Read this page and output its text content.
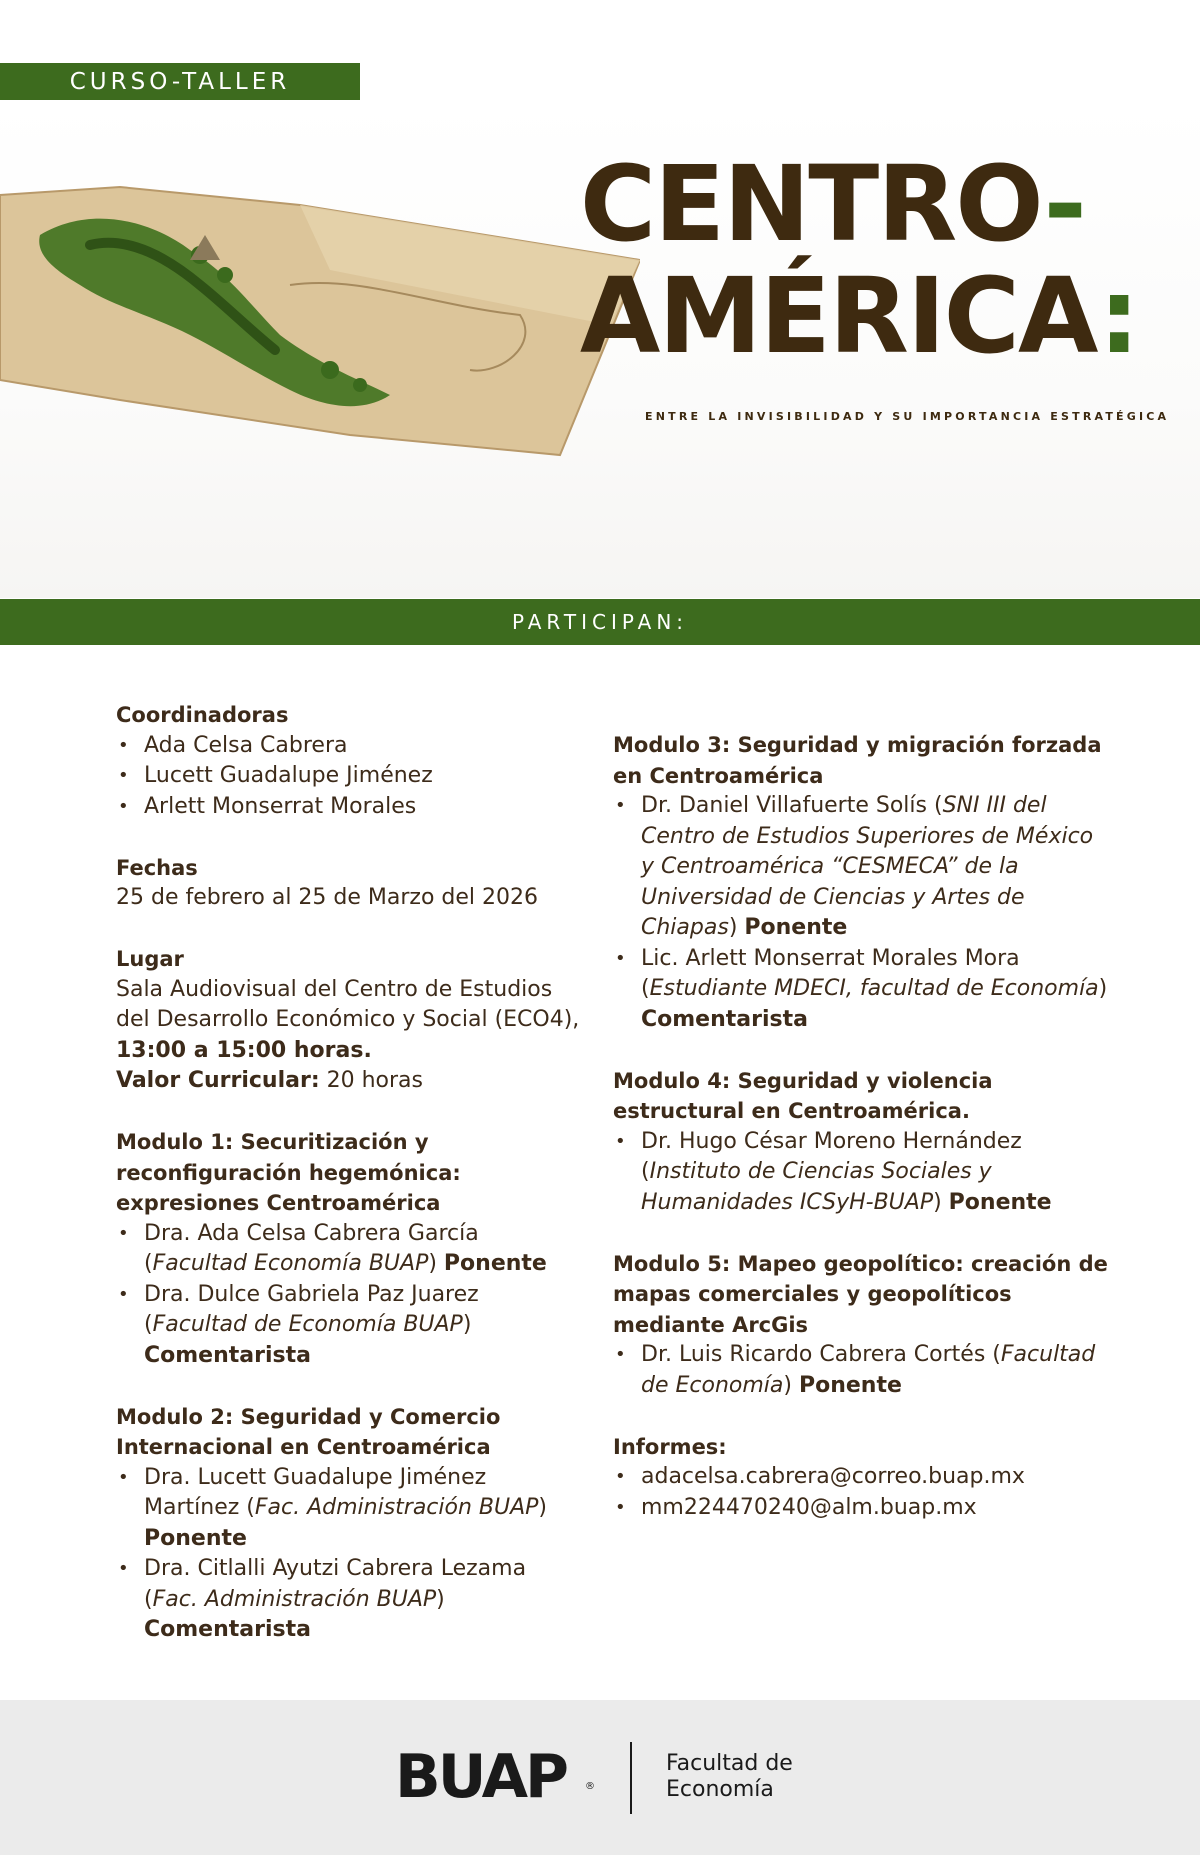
CURSO-TALLER
CENTRO-
AMÉRICA:
ENTRE LA INVISIBILIDAD Y SU IMPORTANCIA ESTRATÉGICA
PARTICIPAN:
Coordinadoras
• Ada Celsa Cabrera
• Lucett Guadalupe Jiménez
• Arlett Monserrat Morales
Fechas

25 de febrero al 25 de Marzo del 2026

Lugar

Sala Audiovisual del Centro de Estudios del Desarrollo Económico y Social (ECO4), 13:00 a 15:00 horas.

Valor Curricular: 20 horas

Modulo 1: Securitización y reconfiguración hegemónica: expresiones Centroamérica
• Dra. Ada Celsa Cabrera García (Facultad Economía BUAP) Ponente
• Dra. Dulce Gabriela Paz Juarez (Facultad de Economía BUAP) Comentarista
Modulo 2: Seguridad y Comercio Internacional en Centroamérica
• Dra. Lucett Guadalupe Jiménez Martínez (Fac. Administración BUAP) Ponente
• Dra. Citlalli Ayutzi Cabrera Lezama (Fac. Administración BUAP) Comentarista
Modulo 3: Seguridad y migración forzada en Centroamérica
• Dr. Daniel Villafuerte Solís (SNI III del Centro de Estudios Superiores de México y Centroamérica “CESMECA” de la Universidad de Ciencias y Artes de Chiapas) Ponente
• Lic. Arlett Monserrat Morales Mora (Estudiante MDECI, facultad de Economía) Comentarista
Modulo 4: Seguridad y violencia estructural en Centroamérica.
• Dr. Hugo César Moreno Hernández (Instituto de Ciencias Sociales y Humanidades ICSyH-BUAP) Ponente
Modulo 5: Mapeo geopolítico: creación de mapas comerciales y geopolíticos mediante ArcGis
• Dr. Luis Ricardo Cabrera Cortés (Facultad de Economía) Ponente
Informes:
• adacelsa.cabrera@correo.buap.mx
• mm224470240@alm.buap.mx
BUAP ®
Facultad de
Economía
